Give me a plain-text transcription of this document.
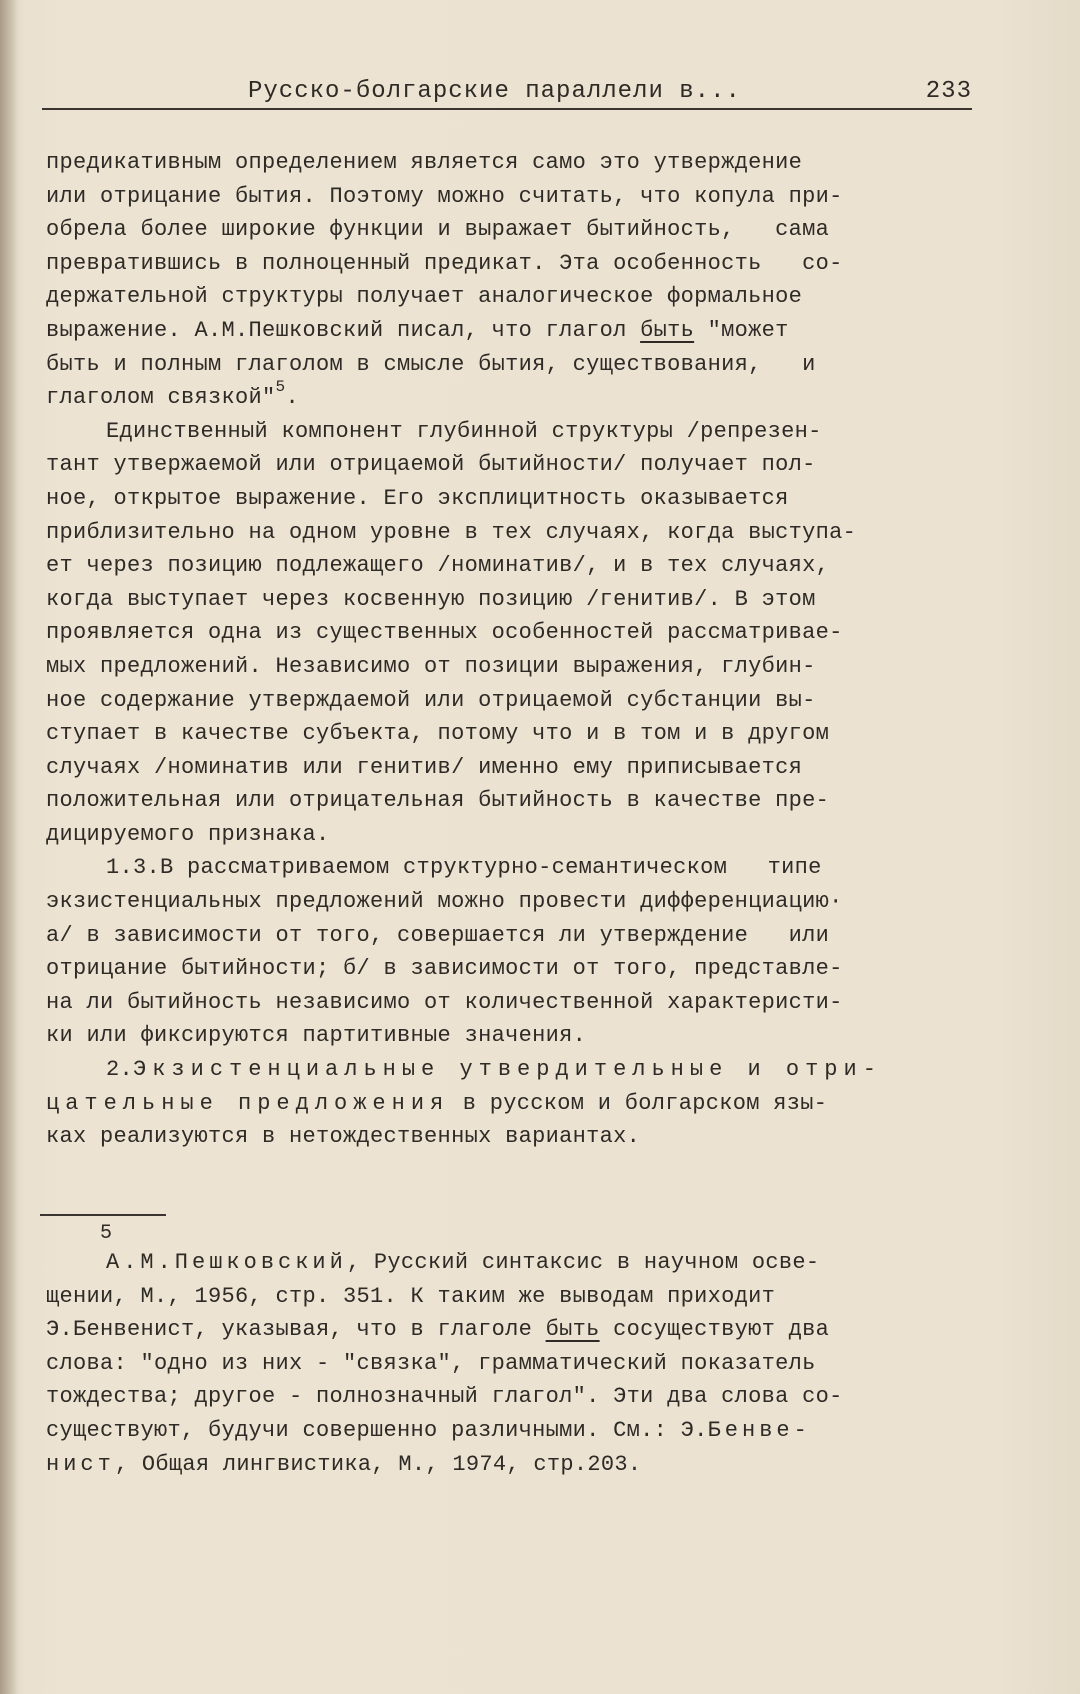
Русско-болгарские параллели в...	233
предикативным определением является само это утверждение
или отрицание бытия. Поэтому можно считать, что копула при-
обрела более широкие функции и выражает бытийность,   сама
превратившись в полноценный предикат. Эта особенность   со-
держательной структуры получает аналогическое формальное
выражение. А.М.Пешковский писал, что глагол быть "может
быть и полным глаголом в смысле бытия, существования,   и
глаголом связкой"$^5$.
Единственный компонент глубинной структуры /репрезен-
тант утвержаемой или отрицаемой бытийности/ получает пол-
ное, открытое выражение. Его эксплицитность оказывается
приблизительно на одном уровне в тех случаях, когда выступа-
ет через позицию подлежащего /номинатив/, и в тех случаях,
когда выступает через косвенную позицию /генитив/. В этом
проявляется одна из существенных особенностей рассматривае-
мых предложений. Независимо от позиции выражения, глубин-
ное содержание утверждаемой или отрицаемой субстанции вы-
ступает в качестве субъекта, потому что и в том и в другом
случаях /номинатив или генитив/ именно ему приписывается
положительная или отрицательная бытийность в качестве пре-
дицируемого признака.
1.3.В рассматриваемом структурно-семантическом   типе
экзистенциальных предложений можно провести дифференциацию·
а/ в зависимости от того, совершается ли утверждение   или
отрицание бытийности; б/ в зависимости от того, представле-
на ли бытийность независимо от количественной характеристи-
ки или фиксируются партитивные значения.
2.Экзистенциальные утвердительные и отри-
цательные предложения в русском и болгарском язы-
ках реализуются в нетождественных вариантах.
5
А.М.Пешковский, Русский синтаксис в научном осве-
щении, М., 1956, стр. 351. К таким же выводам приходит
Э.Бенвенист, указывая, что в глаголе быть сосуществуют два
слова: "одно из них - "связка", грамматический показатель
тождества; другое - полнозначный глагол". Эти два слова со-
существуют, будучи совершенно различными. См.: Э.Бенве-
нист, Общая лингвистика, М., 1974, стр.203.
